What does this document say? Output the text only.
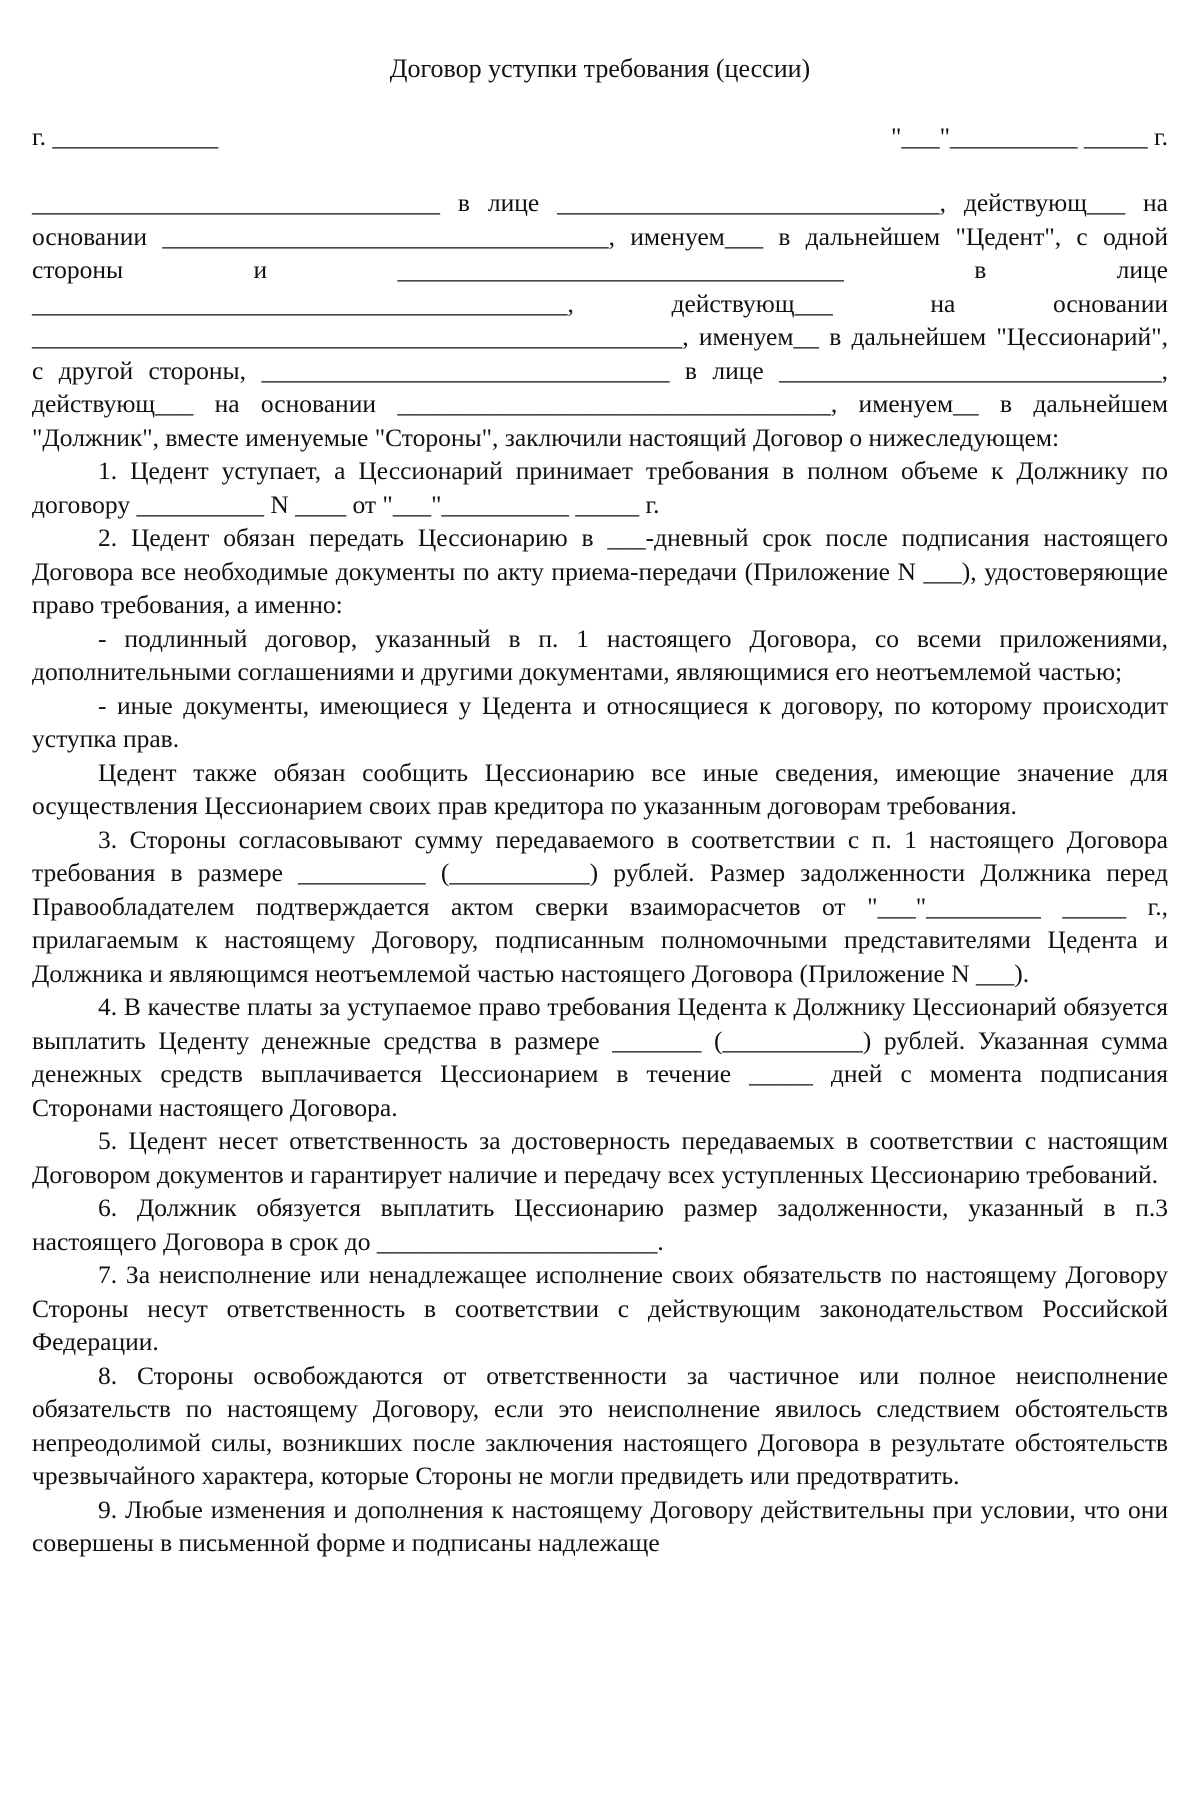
Договор уступки требования (цессии)
г. _____________	"___"__________ _____ г.

________________________________ в лице ______________________________, действующ___ на основании ___________________________________, именуем___ в дальнейшем "Цедент", с одной стороны и ___________________________________ в лице __________________________________________, действующ___ на основании ___________________________________________________, именуем__ в дальнейшем "Цессионарий", с другой стороны, ________________________________ в лице ______________________________, действующ___ на основании __________________________________, именуем__ в дальнейшем "Должник", вместе именуемые "Стороны", заключили настоящий Договор о нижеследующем:

1. Цедент уступает, а Цессионарий принимает требования в полном объеме к Должнику по договору __________ N ____ от "___"__________ _____ г.

2. Цедент обязан передать Цессионарию в ___-дневный срок после подписания настоящего Договора все необходимые документы по акту приема-передачи (Приложение N ___), удостоверяющие право требования, а именно:

- подлинный договор, указанный в п. 1 настоящего Договора, со всеми приложениями, дополнительными соглашениями и другими документами, являющимися его неотъемлемой частью;

- иные документы, имеющиеся у Цедента и относящиеся к договору, по которому происходит уступка прав.

Цедент также обязан сообщить Цессионарию все иные сведения, имеющие значение для осуществления Цессионарием своих прав кредитора по указанным договорам требования.

3. Стороны согласовывают сумму передаваемого в соответствии с п. 1 настоящего Договора требования в размере __________ (___________) рублей. Размер задолженности Должника перед Правообладателем подтверждается актом сверки взаиморасчетов от "___"_________ _____ г., прилагаемым к настоящему Договору, подписанным полномочными представителями Цедента и Должника и являющимся неотъемлемой частью настоящего Договора (Приложение N ___).

4. В качестве платы за уступаемое право требования Цедента к Должнику Цессионарий обязуется выплатить Цеденту денежные средства в размере _______ (___________) рублей. Указанная сумма денежных средств выплачивается Цессионарием в течение _____ дней с момента подписания Сторонами настоящего Договора.

5. Цедент несет ответственность за достоверность передаваемых в соответствии с настоящим Договором документов и гарантирует наличие и передачу всех уступленных Цессионарию требований.

6. Должник обязуется выплатить Цессионарию размер задолженности, указанный в п.3 настоящего Договора в срок до ______________________.

7. За неисполнение или ненадлежащее исполнение своих обязательств по настоящему Договору Стороны несут ответственность в соответствии с действующим законодательством Российской Федерации.

8. Стороны освобождаются от ответственности за частичное или полное неисполнение обязательств по настоящему Договору, если это неисполнение явилось следствием обстоятельств непреодолимой силы, возникших после заключения настоящего Договора в результате обстоятельств чрезвычайного характера, которые Стороны не могли предвидеть или предотвратить.

9. Любые изменения и дополнения к настоящему Договору действительны при условии, что они совершены в письменной форме и подписаны надлежаще
